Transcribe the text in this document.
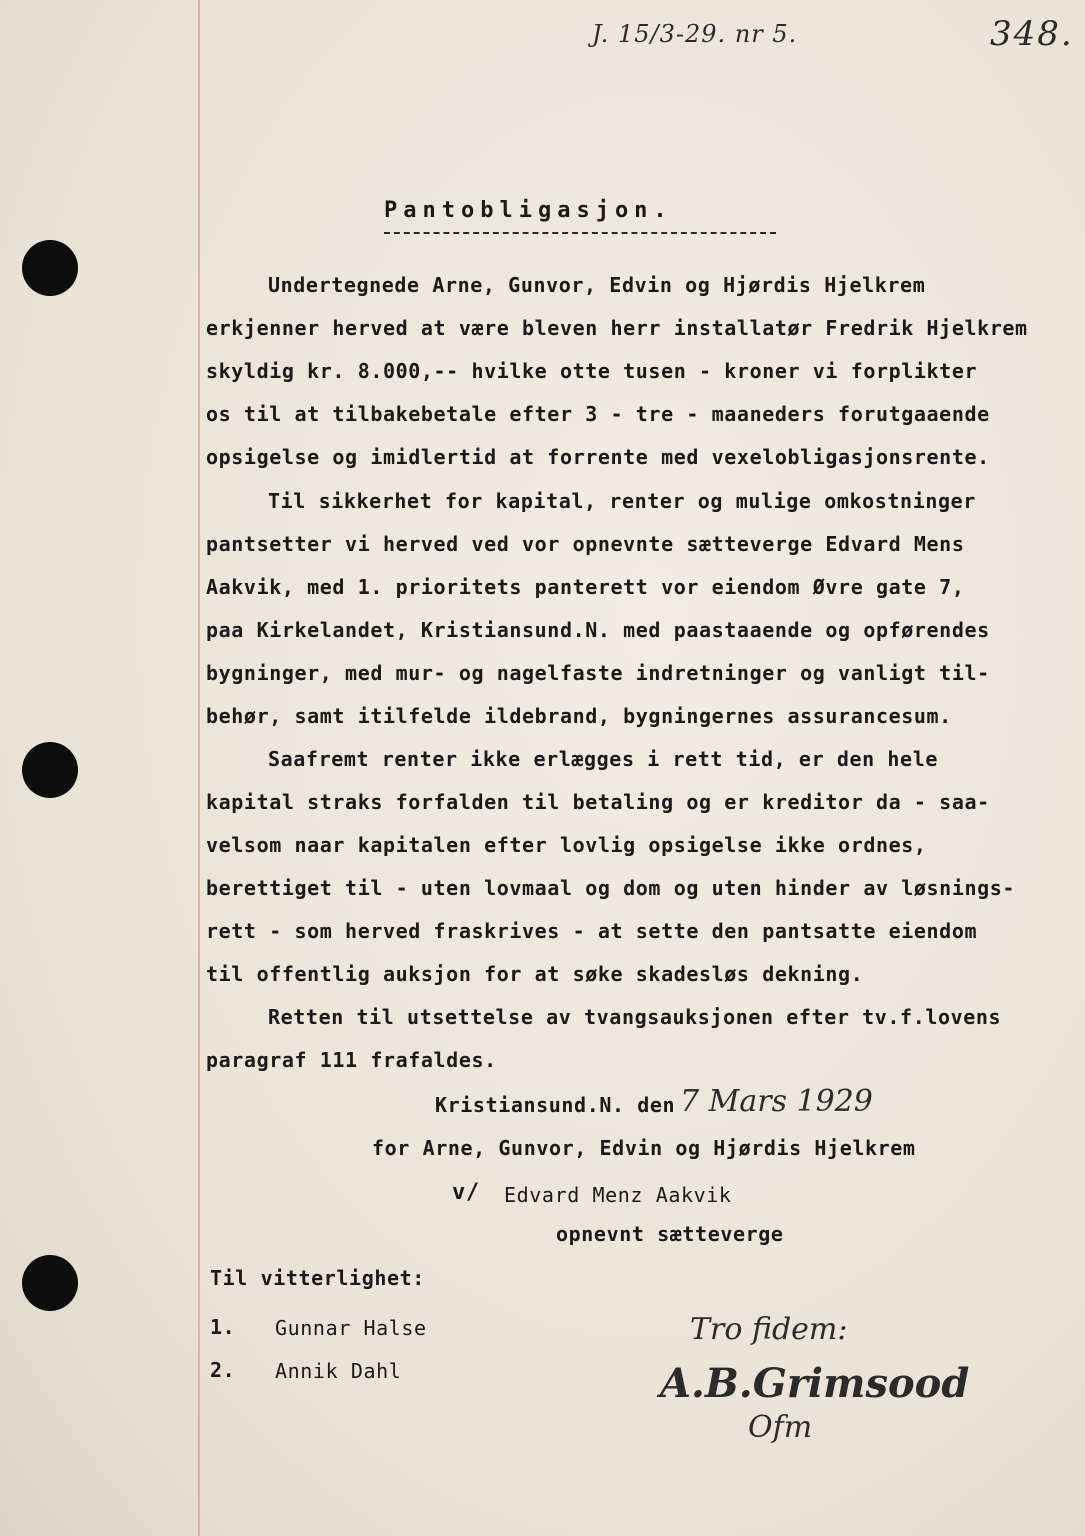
J. 15/3-29. nr 5.	348.
Pantobligasjon.
Undertegnede Arne, Gunvor, Edvin og Hjørdis Hjelkrem
erkjenner herved at være bleven herr installatør Fredrik Hjelkrem
skyldig kr. 8.000,-- hvilke otte tusen - kroner vi forplikter
os til at tilbakebetale efter 3 - tre - maaneders forutgaaende
opsigelse og imidlertid at forrente med vexelobligasjonsrente.
Til sikkerhet for kapital, renter og mulige omkostninger
pantsetter vi herved ved vor opnevnte sætteverge Edvard Mens
Aakvik, med 1. prioritets panterett vor eiendom Øvre gate 7,
paa Kirkelandet, Kristiansund.N. med paastaaende og opførendes
bygninger, med mur- og nagelfaste indretninger og vanligt til-
behør, samt itilfelde ildebrand, bygningernes assurancesum.
Saafremt renter ikke erlægges i rett tid, er den hele
kapital straks forfalden til betaling og er kreditor da - saa-
velsom naar kapitalen efter lovlig opsigelse ikke ordnes,
berettiget til - uten lovmaal og dom og uten hinder av løsnings-
rett - som herved fraskrives - at sette den pantsatte eiendom
til offentlig auksjon for at søke skadesløs dekning.
Retten til utsettelse av tvangsauksjonen efter tv.f.lovens
paragraf 111 frafaldes.
Kristiansund.N. den 7 Mars 1929
for Arne, Gunvor, Edvin og Hjørdis Hjelkrem
v/ Edvard Menz Aakvik
opnevnt sætteverge
Til vitterlighet:
1. Gunnar Halse
2. Annik Dahl
Tro fidem:
A.B.Grimsood
Ofm
